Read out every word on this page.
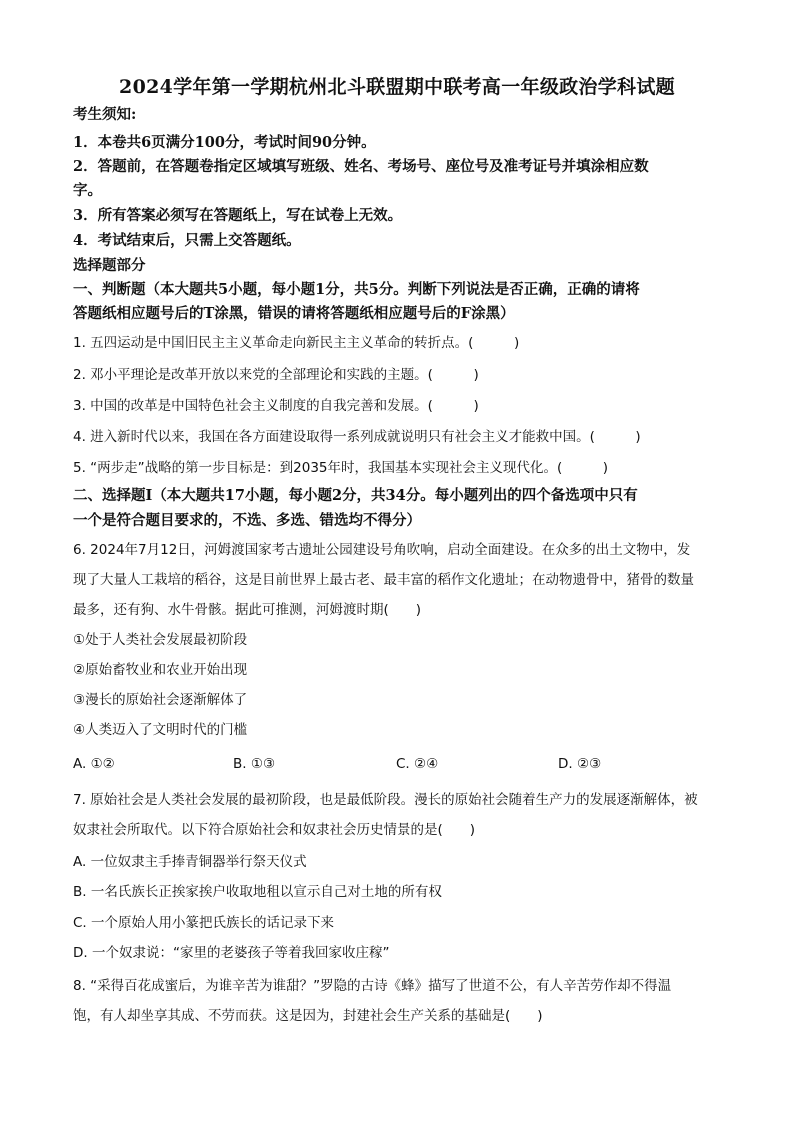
2024学年第一学期杭州北斗联盟期中联考高一年级政治学科试题
考生须知:
1．本卷共6页满分100分，考试时间90分钟。
2．答题前，在答题卷指定区域填写班级、姓名、考场号、座位号及准考证号并填涂相应数
字。
3．所有答案必须写在答题纸上，写在试卷上无效。
4．考试结束后，只需上交答题纸。
选择题部分
一、判断题（本大题共5小题，每小题1分，共5分。判断下列说法是否正确，正确的请将
答题纸相应题号后的T涂黑，错误的请将答题纸相应题号后的F涂黑）
1. 五四运动是中国旧民主主义革命走向新民主主义革命的转折点。(　　　)
2. 邓小平理论是改革开放以来党的全部理论和实践的主题。(　　　)
3. 中国的改革是中国特色社会主义制度的自我完善和发展。(　　　)
4. 进入新时代以来，我国在各方面建设取得一系列成就说明只有社会主义才能救中国。(　　　)
5. “两步走”战略的第一步目标是：到2035年时，我国基本实现社会主义现代化。(　　　)
二、选择题Ⅰ（本大题共17小题，每小题2分，共34分。每小题列出的四个备选项中只有
一个是符合题目要求的，不选、多选、错选均不得分）
6. 2024年7月12日，河姆渡国家考古遗址公园建设号角吹响，启动全面建设。在众多的出土文物中，发
现了大量人工栽培的稻谷，这是目前世界上最古老、最丰富的稻作文化遗址；在动物遗骨中，猪骨的数量
最多，还有狗、水牛骨骸。据此可推测，河姆渡时期(　　)
①处于人类社会发展最初阶段
②原始畜牧业和农业开始出现
③漫长的原始社会逐渐解体了
④人类迈入了文明时代的门槛
A. ①②	B. ①③	C. ②④	D. ②③
7. 原始社会是人类社会发展的最初阶段，也是最低阶段。漫长的原始社会随着生产力的发展逐渐解体，被
奴隶社会所取代。以下符合原始社会和奴隶社会历史情景的是(　　)
A. 一位奴隶主手捧青铜器举行祭天仪式
B. 一名氏族长正挨家挨户收取地租以宣示自己对土地的所有权
C. 一个原始人用小篆把氏族长的话记录下来
D. 一个奴隶说：“家里的老婆孩子等着我回家收庄稼”
8. “采得百花成蜜后，为谁辛苦为谁甜？”罗隐的古诗《蜂》描写了世道不公，有人辛苦劳作却不得温
饱，有人却坐享其成、不劳而获。这是因为，封建社会生产关系的基础是(　　)
